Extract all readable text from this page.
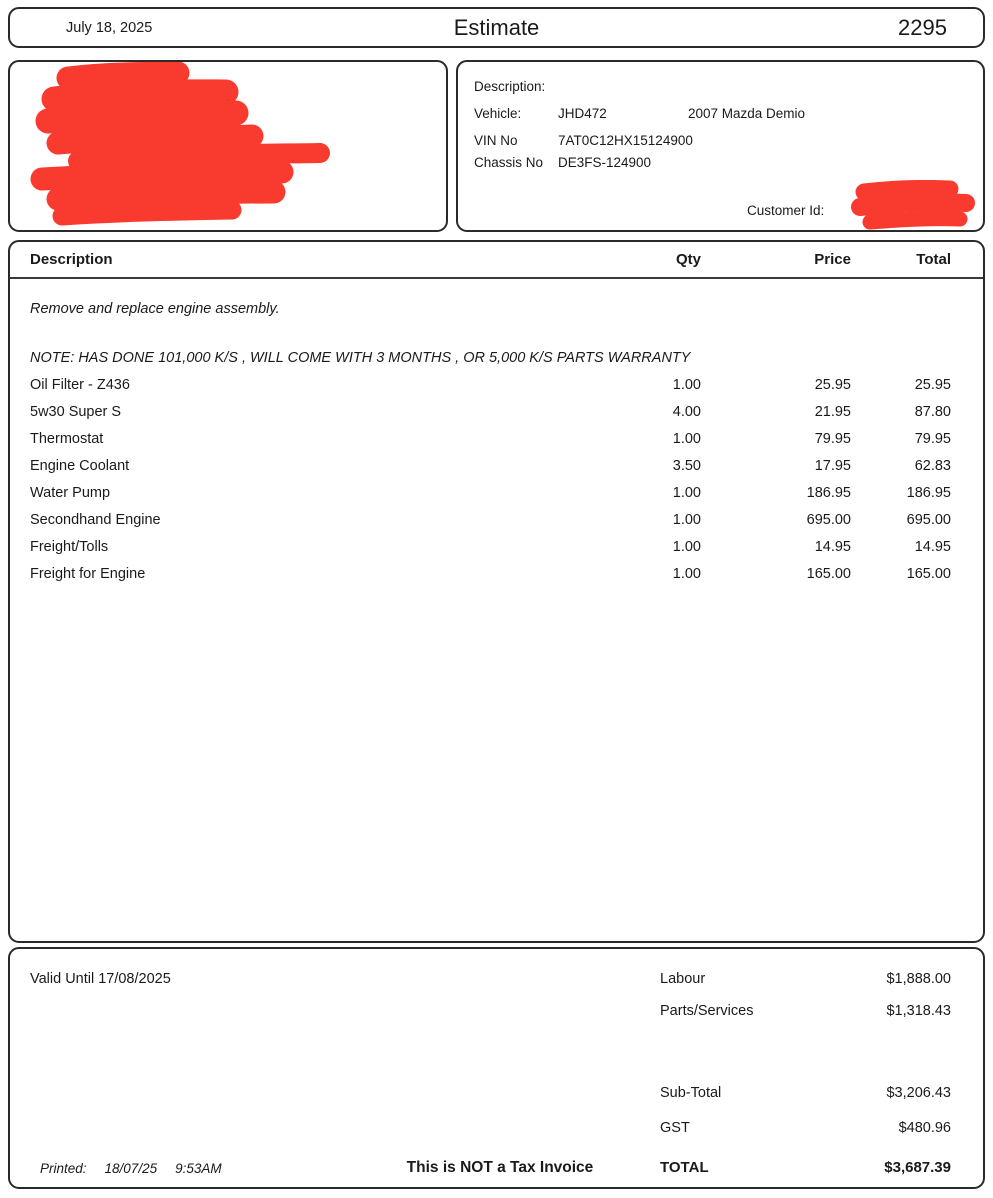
July 18, 2025	Estimate	2295
Description:
Vehicle:	JHD472	2007 Mazda Demio
VIN No	7AT0C12HX15124900
Chassis No DE3FS-124900
Customer Id:
Description	Qty	Price	Total
Remove and replace engine assembly.
NOTE: HAS DONE 101,000 K/S , WILL COME WITH 3 MONTHS , OR 5,000 K/S PARTS WARRANTY
Oil Filter - Z436	1.00	25.95	25.95
5w30 Super S	4.00	21.95	87.80
Thermostat	1.00	79.95	79.95
Engine Coolant	3.50	17.95	62.83
Water Pump	1.00	186.95	186.95
Secondhand Engine	1.00	695.00	695.00
Freight/Tolls	1.00	14.95	14.95
Freight for Engine	1.00	165.00	165.00
Valid Until 17/08/2025	Labour	$1,888.00
Parts/Services	$1,318.43
Sub-Total	$3,206.43
GST	$480.96
TOTAL	$3,687.39
Printed: 18/07/25 9:53AM	This is NOT a Tax Invoice
